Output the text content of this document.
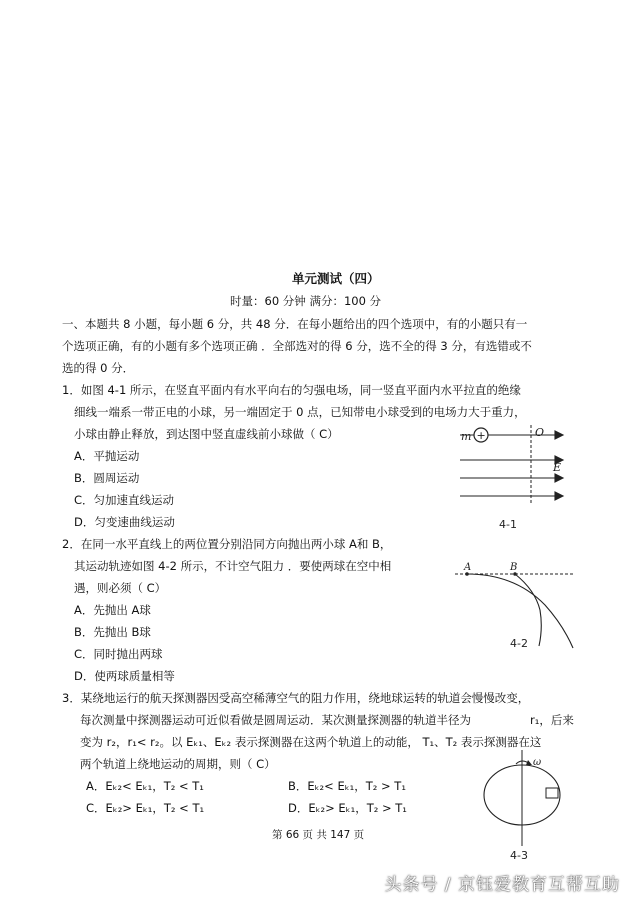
单元测试（四）
时量：60 分钟 满分：100 分
一、本题共 8 小题，每小题 6 分，共 48 分．在每小题给出的四个选项中，有的小题只有一
个选项正确，有的小题有多个选项正确 ．全部选对的得 6 分，选不全的得 3 分，有选错或不
选的得 0 分．
1．如图 4-1 所示，在竖直平面内有水平向右的匀强电场，同一竖直平面内水平拉直的绝缘
细线一端系一带正电的小球，另一端固定于 0 点，已知带电小球受到的电场力大于重力，
小球由静止释放，到达图中竖直虚线前小球做（ C）
A．平抛运动
B．圆周运动
C．匀加速直线运动
D．匀变速曲线运动
+
m	O
E
4-1
2．在同一水平直线上的两位置分别沿同方向抛出两小球 A和 B，
其运动轨迹如图 4-2 所示，不计空气阻力 ．要使两球在空中相
遇，则必须（ C）
A．先抛出 A球
B．先抛出 B球
C．同时抛出两球
D．使两球质量相等
A	B
4-2
3．某绕地运行的航天探测器因受高空稀薄空气的阻力作用，绕地球运转的轨道会慢慢改变，
每次测量中探测器运动可近似看做是圆周运动．某次测量探测器的轨道半径为	r₁，后来
变为 r₂，r₁< r₂。以 Eₖ₁、Eₖ₂ 表示探测器在这两个轨道上的动能， T₁、T₂ 表示探测器在这
两个轨道上绕地运动的周期，则（ C）
A．Eₖ₂< Eₖ₁，T₂ < T₁	B．Eₖ₂< Eₖ₁，T₂ > T₁
C．Eₖ₂> Eₖ₁，T₂ < T₁	D．Eₖ₂> Eₖ₁，T₂ > T₁
ω
4-3
第 66 页 共 147 页
头条号 / 京钰爱教育互帮互助
